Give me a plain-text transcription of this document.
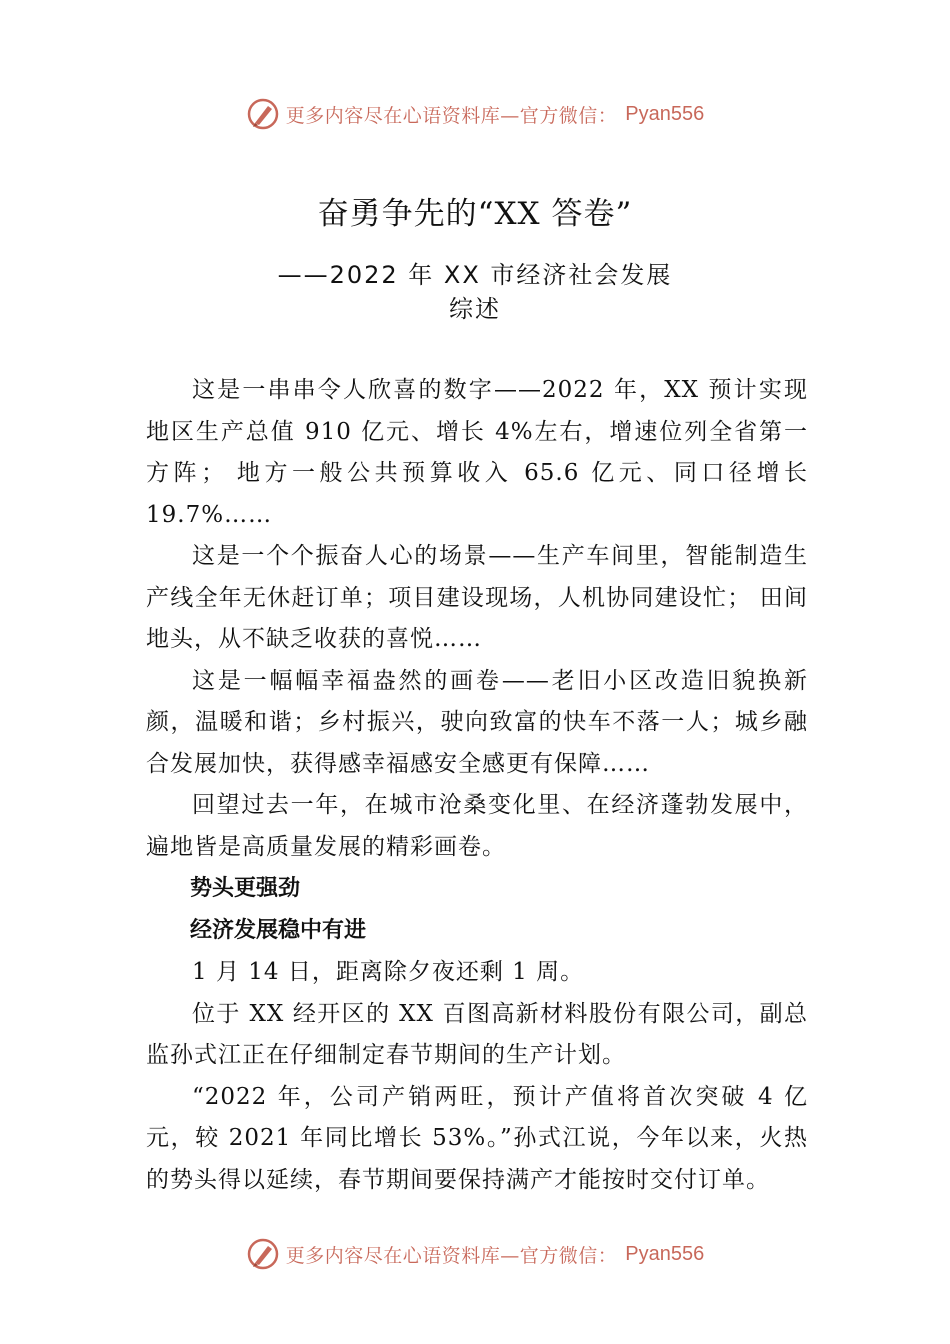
更多内容尽在心语资料库—官方微信： Pyan556
奋勇争先的“XX 答卷”
——2022 年 XX 市经济社会发展综述

这是一串串令人欣喜的数字——2022 年，XX 预计实现地区生产总值 910 亿元、增长 4%左右，增速位列全省第一方阵； 地方一般公共预算收入 65.6 亿元、同口径增长 19.7%……

这是一个个振奋人心的场景——生产车间里，智能制造生产线全年无休赶订单；项目建设现场，人机协同建设忙； 田间地头，从不缺乏收获的喜悦……

这是一幅幅幸福盎然的画卷——老旧小区改造旧貌换新颜，温暖和谐；乡村振兴，驶向致富的快车不落一人；城乡融合发展加快，获得感幸福感安全感更有保障……

回望过去一年，在城市沧桑变化里、在经济蓬勃发展中，遍地皆是高质量发展的精彩画卷。

势头更强劲

经济发展稳中有进

1 月 14 日，距离除夕夜还剩 1 周。

位于 XX 经开区的 XX 百图高新材料股份有限公司，副总监孙式江正在仔细制定春节期间的生产计划。

“2022 年，公司产销两旺，预计产值将首次突破 4 亿元，较 2021 年同比增长 53%。”孙式江说，今年以来，火热的势头得以延续，春节期间要保持满产才能按时交付订单。

更多内容尽在心语资料库—官方微信： Pyan556
